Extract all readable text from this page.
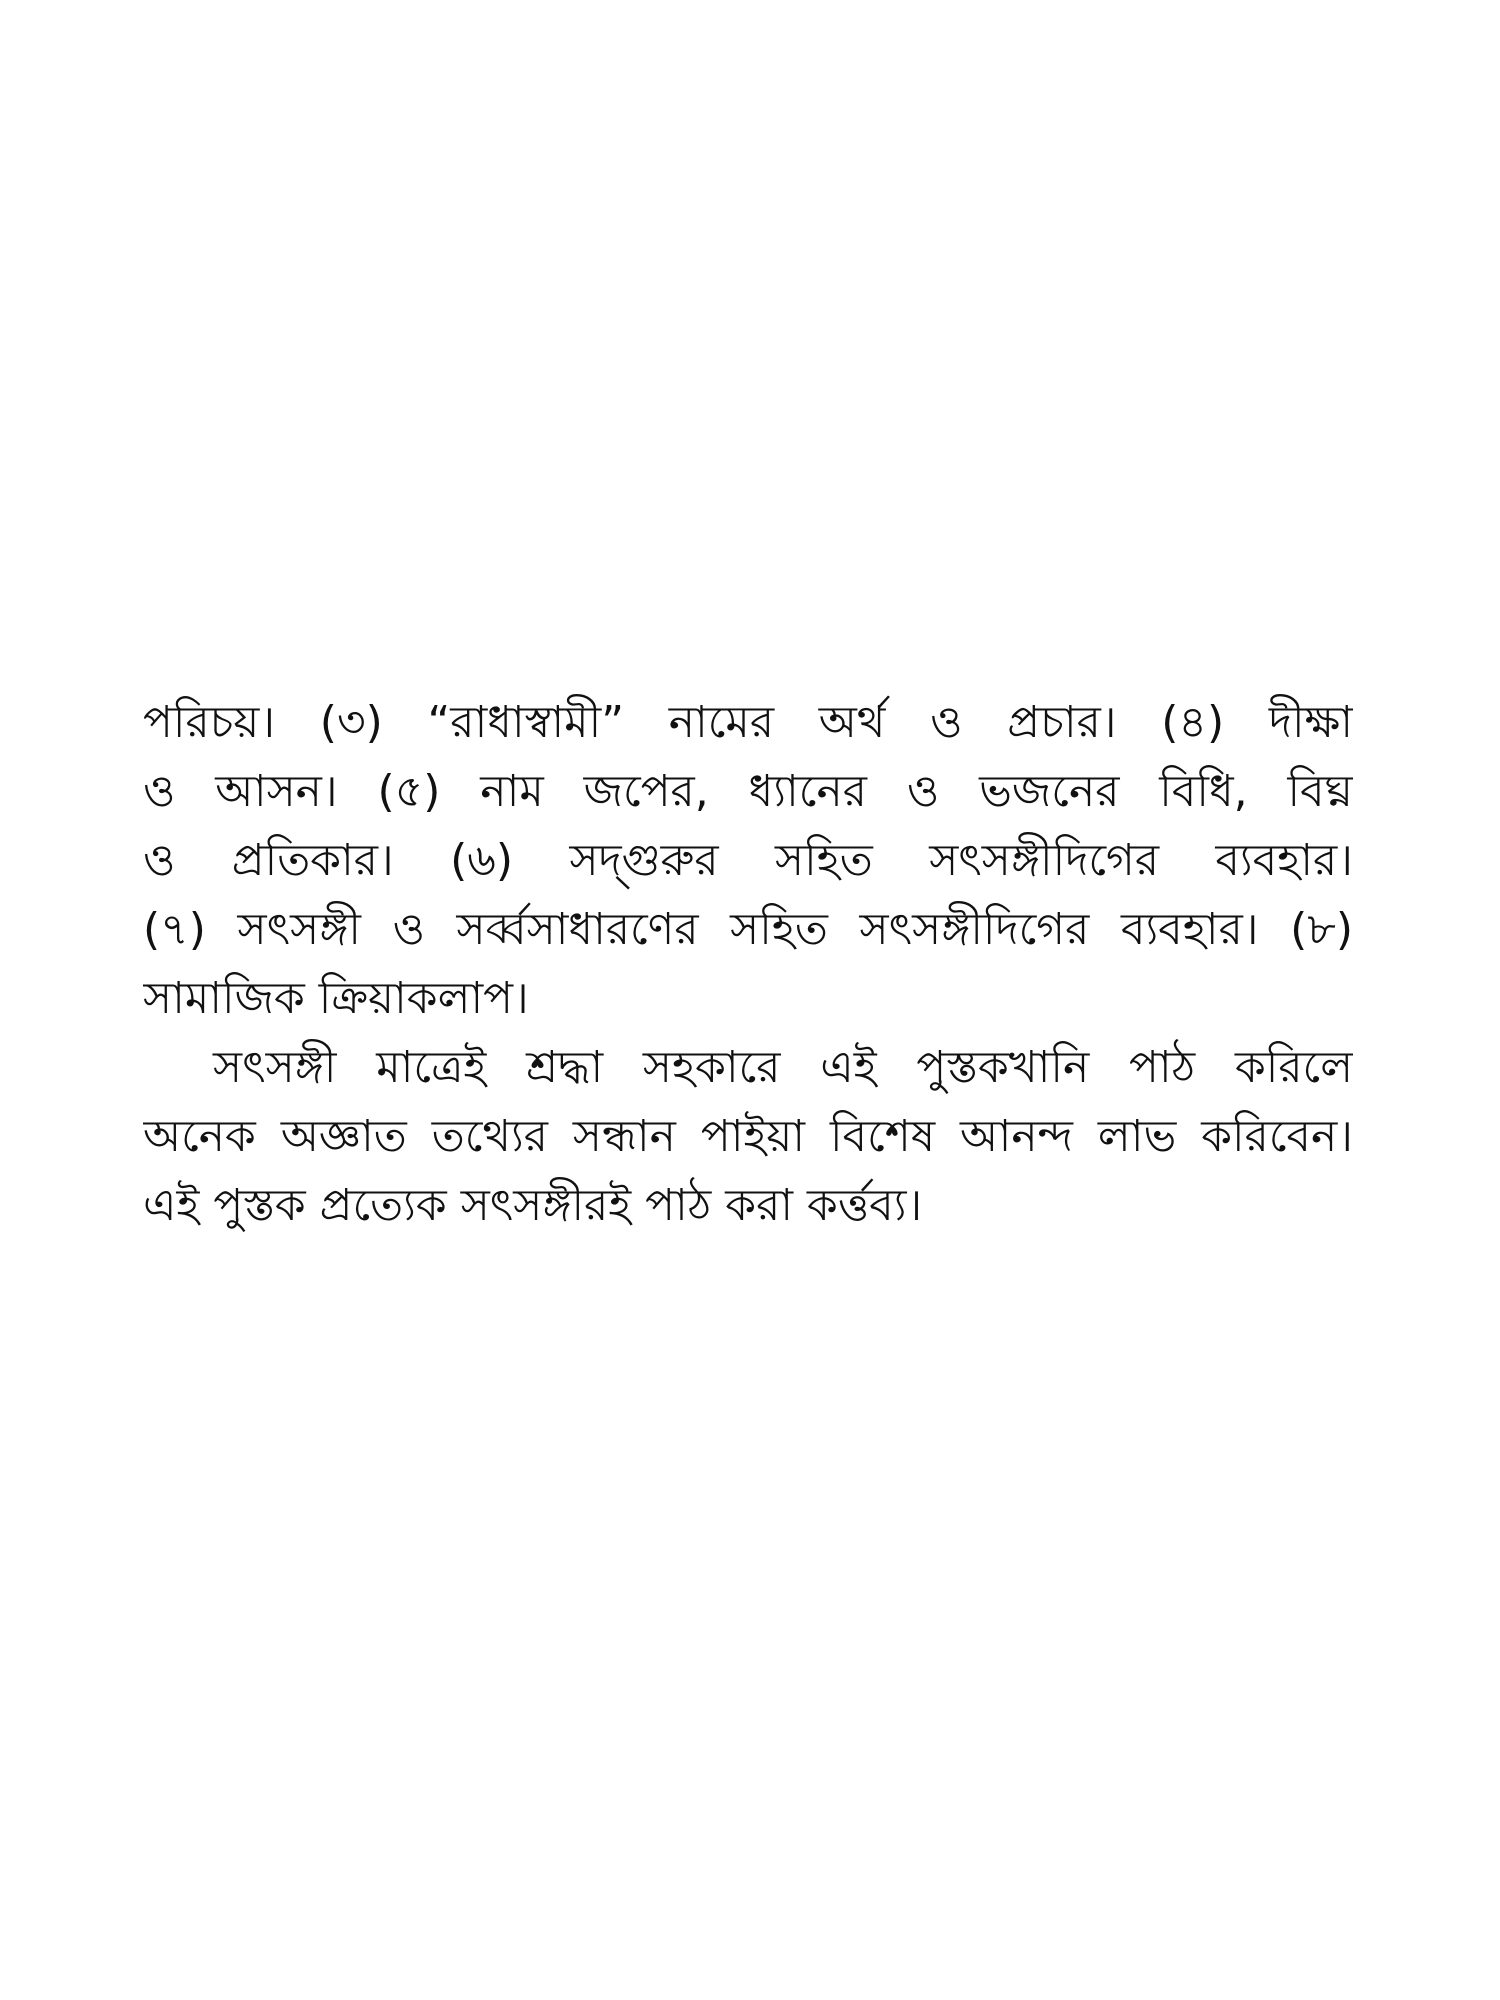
পরিচয়। (৩) “রাধাস্বামী” নামের অর্থ ও প্রচার। (৪) দীক্ষা
ও আসন। (৫) নাম জপের, ধ্যানের ও ভজনের বিধি, বিঘ্ন
ও প্রতিকার। (৬) সদ্‌গুরুর সহিত সৎসঙ্গীদিগের ব্যবহার।
(৭) সৎসঙ্গী ও সর্ব্বসাধারণের সহিত সৎসঙ্গীদিগের ব্যবহার। (৮)
সামাজিক ক্রিয়াকলাপ।
সৎসঙ্গী মাত্রেই শ্রদ্ধা সহকারে এই পুস্তকখানি পাঠ করিলে
অনেক অজ্ঞাত তথ্যের সন্ধান পাইয়া বিশেষ আনন্দ লাভ করিবেন।
এই পুস্তক প্রত্যেক সৎসঙ্গীরই পাঠ করা কর্ত্তব্য।
